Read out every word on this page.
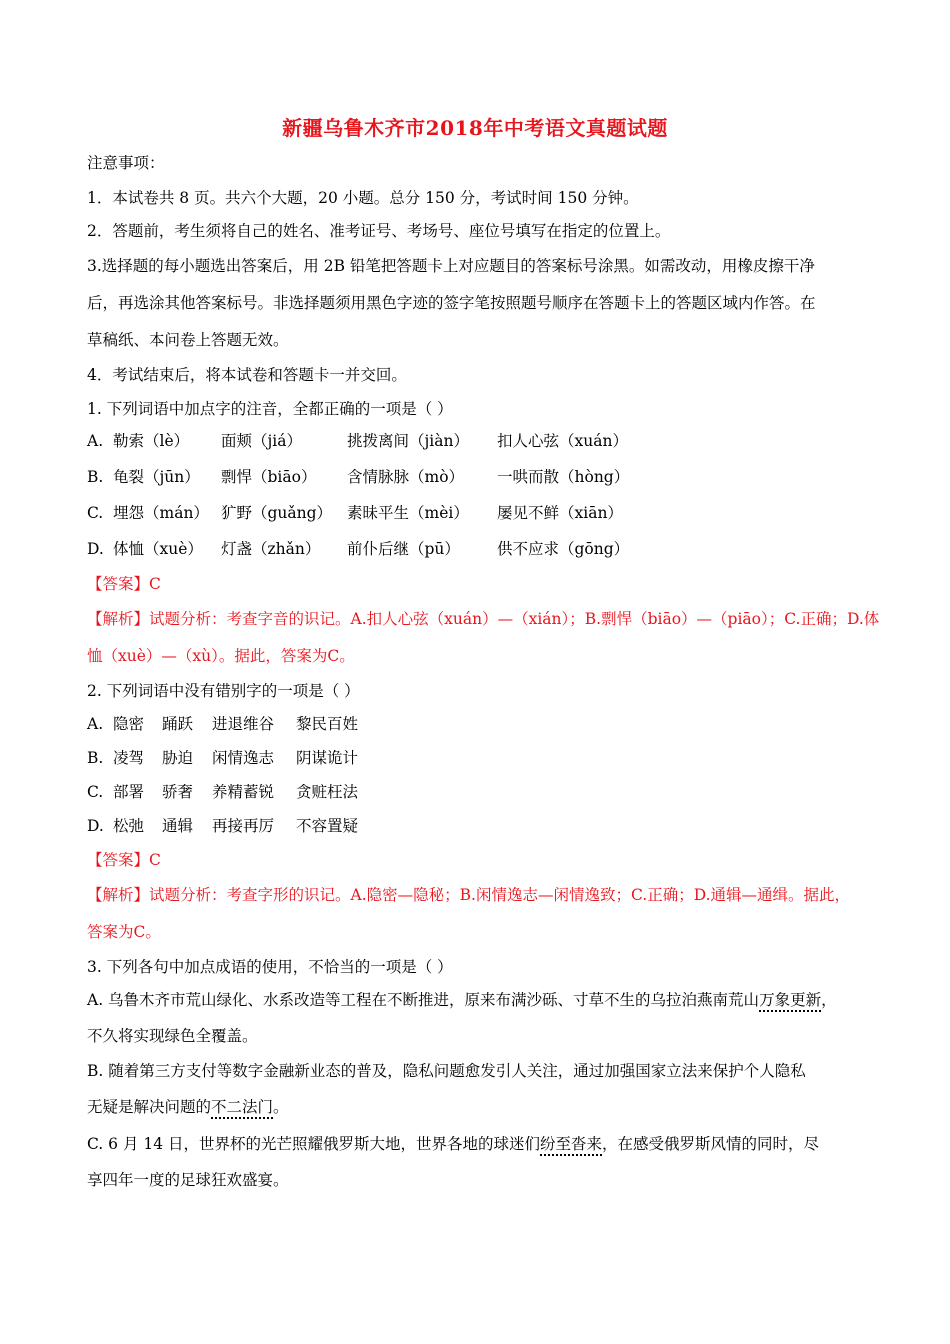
新疆乌鲁木齐市2018年中考语文真题试题
注意事项：
1．本试卷共 8 页。共六个大题，20 小题。总分 150 分，考试时间 150 分钟。
2．答题前，考生须将自己的姓名、准考证号、考场号、座位号填写在指定的位置上。
3.选择题的每小题选出答案后，用 2B 铅笔把答题卡上对应题目的答案标号涂黑。如需改动，用橡皮擦干净
后，再选涂其他答案标号。非选择题须用黑色字迹的签字笔按照题号顺序在答题卡上的答题区域内作答。在
草稿纸、本问卷上答题无效。
4．考试结束后，将本试卷和答题卡一并交回。
1. 下列词语中加点字的注音，全都正确的一项是（ ）
A. 勒索（lè） 面颊（jiá）	挑拨离间（jiàn） 扣人心弦（xuán）
B. 龟裂（jūn） 剽悍（biāo） 含情脉脉（mò） 一哄而散（hòng）
C. 埋怨（mán） 犷野（guǎng） 素昧平生（mèi） 屡见不鲜（xiān）
D. 体恤（xuè） 灯盏（zhǎn） 前仆后继（pū） 供不应求（gōng）
【答案】C
【解析】试题分析：考查字音的识记。A.扣人心弦（xuán）—（xián）；B.剽悍（biāo）—（piāo）；C.正确；D.体
恤（xuè）—（xù）。据此，答案为C。
2. 下列词语中没有错别字的一项是（ ）
A. 隐密 踊跃 进退维谷 黎民百姓
B. 凌驾 胁迫 闲情逸志 阴谋诡计
C. 部署 骄奢 养精蓄锐 贪赃枉法
D. 松弛 通辑 再接再厉 不容置疑
【答案】C
【解析】试题分析：考查字形的识记。A.隐密—隐秘；B.闲情逸志—闲情逸致；C.正确；D.通辑—通缉。据此，
答案为C。
3. 下列各句中加点成语的使用，不恰当的一项是（ ）
A. 乌鲁木齐市荒山绿化、水系改造等工程在不断推进，原来布满沙砾、寸草不生的乌拉泊燕南荒山万象更新，
不久将实现绿色全覆盖。
B. 随着第三方支付等数字金融新业态的普及，隐私问题愈发引人关注，通过加强国家立法来保护个人隐私
无疑是解决问题的不二法门。
C. 6 月 14 日，世界杯的光芒照耀俄罗斯大地，世界各地的球迷们纷至沓来，在感受俄罗斯风情的同时，尽
享四年一度的足球狂欢盛宴。
